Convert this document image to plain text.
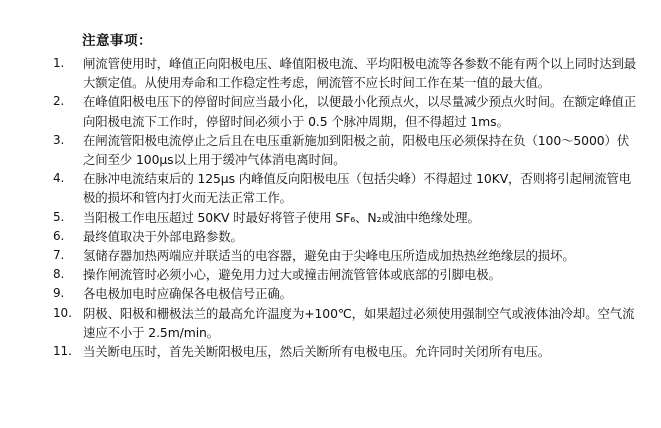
注意事项：
1. 闸流管使用时，峰值正向阳极电压、峰值阳极电流、平均阳极电流等各参数不能有两个以上同时达到最大额定值。从使用寿命和工作稳定性考虑，闸流管不应长时间工作在某一值的最大值。
2. 在峰值阳极电压下的停留时间应当最小化，以便最小化预点火，以尽量减少预点火时间。在额定峰值正向阳极电流下工作时，停留时间必须小于 0.5 个脉冲周期，但不得超过 1ms。
3. 在闸流管阳极电流停止之后且在电压重新施加到阳极之前，阳极电压必须保持在负（100～5000）伏之间至少 100μs以上用于缓冲气体消电离时间。
4. 在脉冲电流结束后的 125μs 内峰值反向阳极电压（包括尖峰）不得超过 10KV，否则将引起闸流管电极的损坏和管内打火而无法正常工作。
5. 当阳极工作电压超过 50KV 时最好将管子使用 SF₆、N₂或油中绝缘处理。
6. 最终值取决于外部电路参数。
7. 氢储存器加热两端应并联适当的电容器，避免由于尖峰电压所造成加热热丝绝缘层的损坏。
8. 操作闸流管时必须小心，避免用力过大或撞击闸流管管体或底部的引脚电极。
9. 各电极加电时应确保各电极信号正确。
10. 阴极、阳极和栅极法兰的最高允许温度为+100℃，如果超过必须使用强制空气或液体油冷却。空气流速应不小于 2.5m/min。
11. 当关断电压时，首先关断阳极电压，然后关断所有电极电压。允许同时关闭所有电压。
